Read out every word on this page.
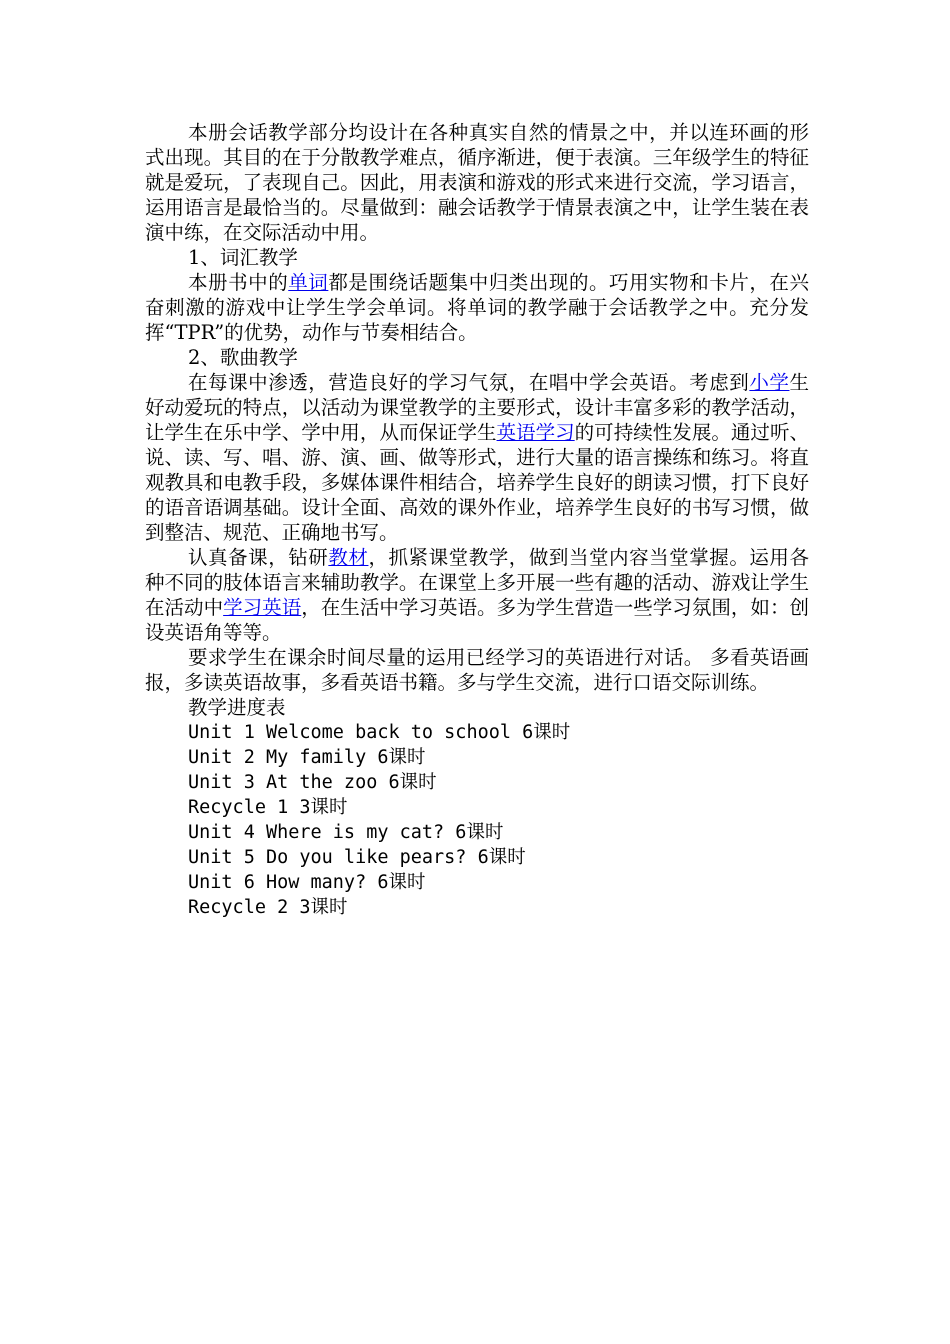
本册会话教学部分均设计在各种真实自然的情景之中，并以连环画的形式出现。其目的在于分散教学难点，循序渐进，便于表演。三年级学生的特征就是爱玩，了表现自己。因此，用表演和游戏的形式来进行交流，学习语言，运用语言是最恰当的。尽量做到：融会话教学于情景表演之中，让学生装在表演中练，在交际活动中用。

1、词汇教学

本册书中的单词都是围绕话题集中归类出现的。巧用实物和卡片，在兴奋刺激的游戏中让学生学会单词。将单词的教学融于会话教学之中。充分发挥“TPR”的优势，动作与节奏相结合。

2、歌曲教学

在每课中渗透，营造良好的学习气氛，在唱中学会英语。考虑到小学生好动爱玩的特点，以活动为课堂教学的主要形式，设计丰富多彩的教学活动，让学生在乐中学、学中用，从而保证学生英语学习的可持续性发展。通过听、说、读、写、唱、游、演、画、做等形式，进行大量的语言操练和练习。将直观教具和电教手段，多媒体课件相结合，培养学生良好的朗读习惯，打下良好的语音语调基础。设计全面、高效的课外作业，培养学生良好的书写习惯，做到整洁、规范、正确地书写。

认真备课，钻研教材，抓紧课堂教学，做到当堂内容当堂掌握。运用各种不同的肢体语言来辅助教学。在课堂上多开展一些有趣的活动、游戏让学生在活动中学习英语，在生活中学习英语。多为学生营造一些学习氛围，如：创设英语角等等。

要求学生在课余时间尽量的运用已经学习的英语进行对话。 多看英语画报，多读英语故事，多看英语书籍。多与学生交流，进行口语交际训练。

教学进度表

Unit 1 Welcome back to school 6课时

Unit 2 My family 6课时

Unit 3 At the zoo 6课时

Recycle 1 3课时

Unit 4 Where is my cat? 6课时

Unit 5 Do you like pears? 6课时

Unit 6 How many? 6课时

Recycle 2 3课时
